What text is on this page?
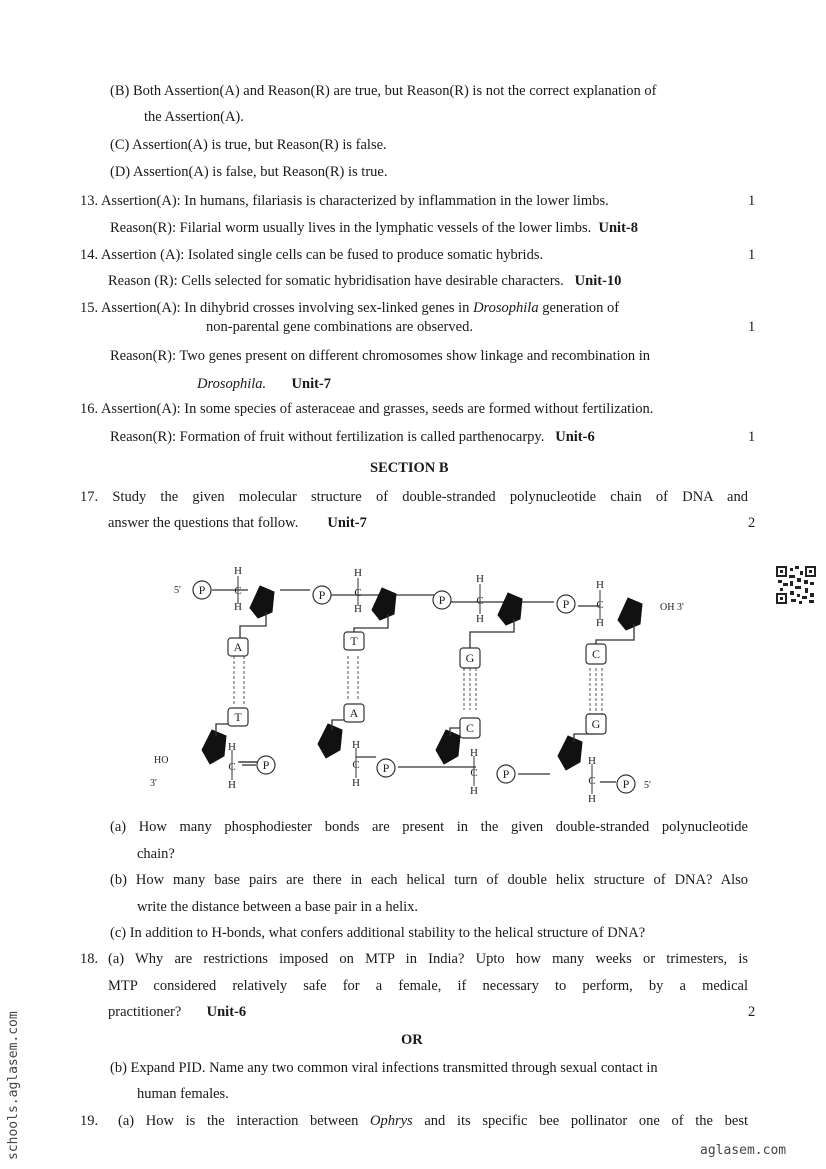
(B) Both Assertion(A) and Reason(R) are true, but Reason(R) is not the correct explanation of
the Assertion(A).
(C) Assertion(A) is true, but Reason(R) is false.
(D) Assertion(A) is false, but Reason(R) is true.
13. Assertion(A): In humans, filariasis is characterized by inflammation in the lower limbs.	1
Reason(R): Filarial worm usually lives in the lymphatic vessels of the lower limbs. Unit-8
14. Assertion (A): Isolated single cells can be fused to produce somatic hybrids.	1
Reason (R): Cells selected for somatic hybridisation have desirable characters. Unit-10
15. Assertion(A): In dihybrid crosses involving sex-linked genes in Drosophila generation of
non-parental gene combinations are observed.	1
Reason(R): Two genes present on different chromosomes show linkage and recombination in
Drosophila. Unit-7
16. Assertion(A): In some species of asteraceae and grasses, seeds are formed without fertilization.
Reason(R): Formation of fruit without fertilization is called parthenocarpy. Unit-6	1
SECTION B
17. Study the given molecular structure of double-stranded polynucleotide chain of DNA and
answer the questions that follow. Unit-7	2
H
C
H
H
C
H
H
C
H
H
C
H
H
C
H
H
C
H
H
C
H
H
C
H
P	P	P	P
P	P	P
P
A	T
G	C
T	A
C	G
5'
OH 3'
HO
3'	5'
(a) How many phosphodiester bonds are present in the given double-stranded polynucleotide
chain?
(b) How many base pairs are there in each helical turn of double helix structure of DNA? Also
write the distance between a base pair in a helix.
(c) In addition to H-bonds, what confers additional stability to the helical structure of DNA?
18. (a) Why are restrictions imposed on MTP in India? Upto how many weeks or trimesters, is
MTP considered relatively safe for a female, if necessary to perform, by a medical
practitioner? Unit-6	2
OR
(b) Expand PID. Name any two common viral infections transmitted through sexual contact in
human females.
19. (a) How is the interaction between Ophrys and its specific bee pollinator one of the best
schools.aglasem.com	aglasem.com
